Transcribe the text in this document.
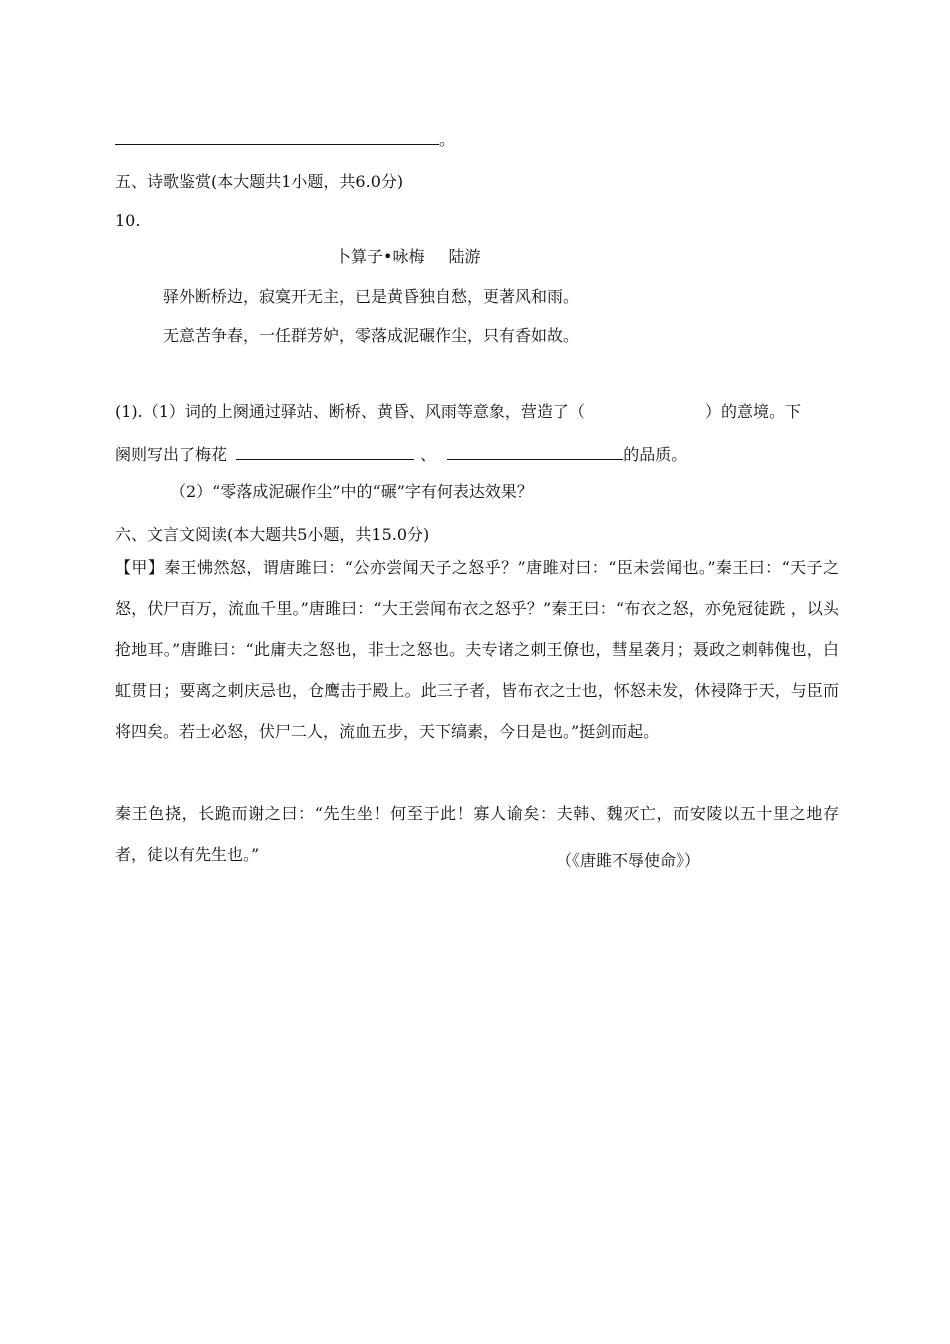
。
五、诗歌鉴赏(本大题共1小题，共6.0分)
10.
卜算子•咏梅 陆游
驿外断桥边，寂寞开无主，已是黄昏独自愁，更著风和雨。
无意苦争春，一任群芳妒，零落成泥碾作尘，只有香如故。
(1).（1）词的上阕通过驿站、断桥、黄昏、风雨等意象，营造了（	）的意境。下
阕则写出了梅花	、	的品质。
（2）“零落成泥碾作尘”中的“碾”字有何表达效果？
六、文言文阅读(本大题共5小题，共15.0分)
【甲】秦王怫然怒，谓唐雎曰：“公亦尝闻天子之怒乎？”唐雎对曰：“臣未尝闻也。”秦王曰：“天子之怒，伏尸百万，流血千里。”唐雎曰：“大王尝闻布衣之怒乎？”秦王曰：“布衣之怒，亦免冠徒跣 ，以头抢地耳。”唐雎曰：“此庸夫之怒也，非士之怒也。夫专诸之刺王僚也，彗星袭月；聂政之刺韩傀也，白虹贯日；要离之刺庆忌也，仓鹰击于殿上。此三子者，皆布衣之士也，怀怒未发，休祲降于天，与臣而将四矣。若士必怒，伏尸二人，流血五步，天下缟素，今日是也。”挺剑而起。
秦王色挠，长跪而谢之曰：“先生坐！何至于此！寡人谕矣：夫韩、魏灭亡，而安陵以五十里之地存者，徒以有先生也。”	（《唐雎不辱使命》）
